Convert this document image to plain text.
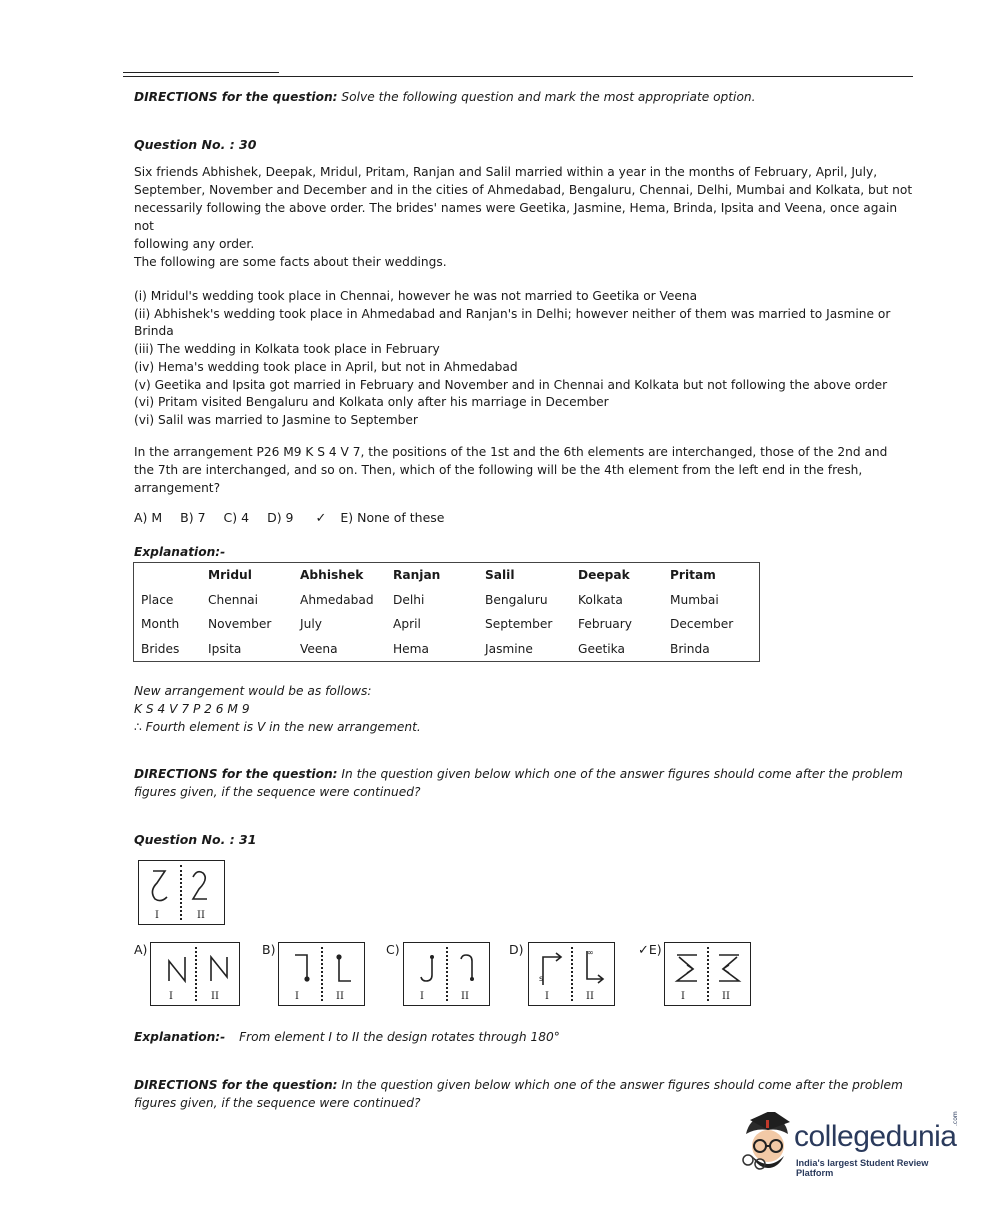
DIRECTIONS for the question: Solve the following question and mark the most appropriate option.
Question No. : 30

Six friends Abhishek, Deepak, Mridul, Pritam, Ranjan and Salil married within a year in the months of February, April, July,

September, November and December and in the cities of Ahmedabad, Bengaluru, Chennai, Delhi, Mumbai and Kolkata, but not

necessarily following the above order. The brides' names were Geetika, Jasmine, Hema, Brinda, Ipsita and Veena, once again not

following any order.

The following are some facts about their weddings.
(i) Mridul's wedding took place in Chennai, however he was not married to Geetika or Veena
(ii) Abhishek's wedding took place in Ahmedabad and Ranjan's in Delhi; however neither of them was married to Jasmine or
Brinda
(iii) The wedding in Kolkata took place in February
(iv) Hema's wedding took place in April, but not in Ahmedabad
(v) Geetika and Ipsita got married in February and November and in Chennai and Kolkata but not following the above order
(vi) Pritam visited Bengaluru and Kolkata only after his marriage in December
(vi) Salil was married to Jasmine to September

In the arrangement P26 M9 K S 4 V 7, the positions of the 1st and the 6th elements are interchanged, those of the 2nd and

the 7th are interchanged, and so on. Then, which of the following will be the 4th element from the left end in the fresh,

arrangement?

A) M B) 7 C) 4 D) 9 ✓ E) None of these
Explanation:-
	Mridul	Abhishek	Ranjan	Salil	Deepak	Pritam
Place	Chennai	Ahmedabad	Delhi	Bengaluru	Kolkata	Mumbai
Month	November	July	April	September	February	December
Brides	Ipsita	Veena	Hema	Jasmine	Geetika	Brinda
New arrangement would be as follows:
K S 4 V 7 P 2 6 M 9
∴ Fourth element is V in the new arrangement.
DIRECTIONS for the question: In the question given below which one of the answer figures should come after the problem
figures given, if the sequence were continued?
Question No. : 31
I	II
A)
I	II
B)
I	II
C)
I	II
D)
s
∞
I	II
✓E)
I	II
Explanation:- From element I to II the design rotates through 180°
DIRECTIONS for the question: In the question given below which one of the answer figures should come after the problem
figures given, if the sequence were continued?
collegedunia
.com
India's largest Student Review Platform
